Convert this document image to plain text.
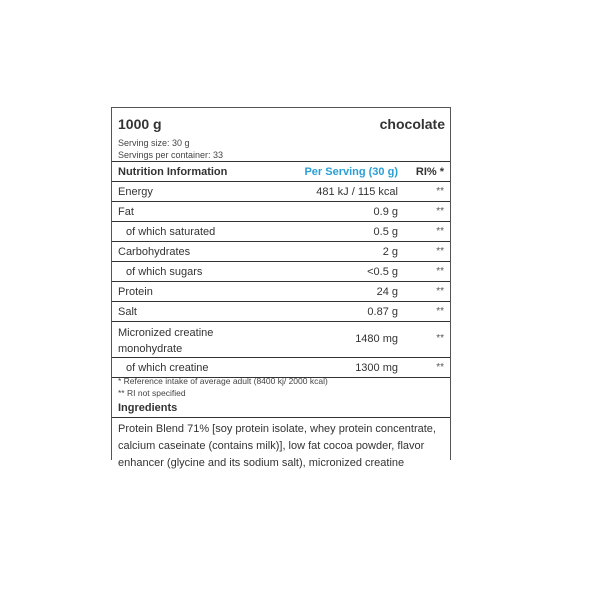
1000 g	chocolate
Serving size: 30 g
Servings per container: 33
Nutrition Information	Per Serving (30 g) RI% *
Energy	481 kJ / 115 kcal	**
Fat	0.9 g	**
of which saturated	0.5 g	**
Carbohydrates	2 g	**
of which sugars	<0.5 g	**
Protein	24 g	**
Salt	0.87 g	**
Micronized creatine monohydrate
1480 mg	**
of which creatine	1300 mg	**
* Reference intake of average adult (8400 kj/ 2000 kcal)
** RI not specified
Ingredients
Protein Blend 71% [soy protein isolate, whey protein concentrate, calcium caseinate (contains milk)], low fat cocoa powder, flavor enhancer (glycine and its sodium salt), micronized creatine
